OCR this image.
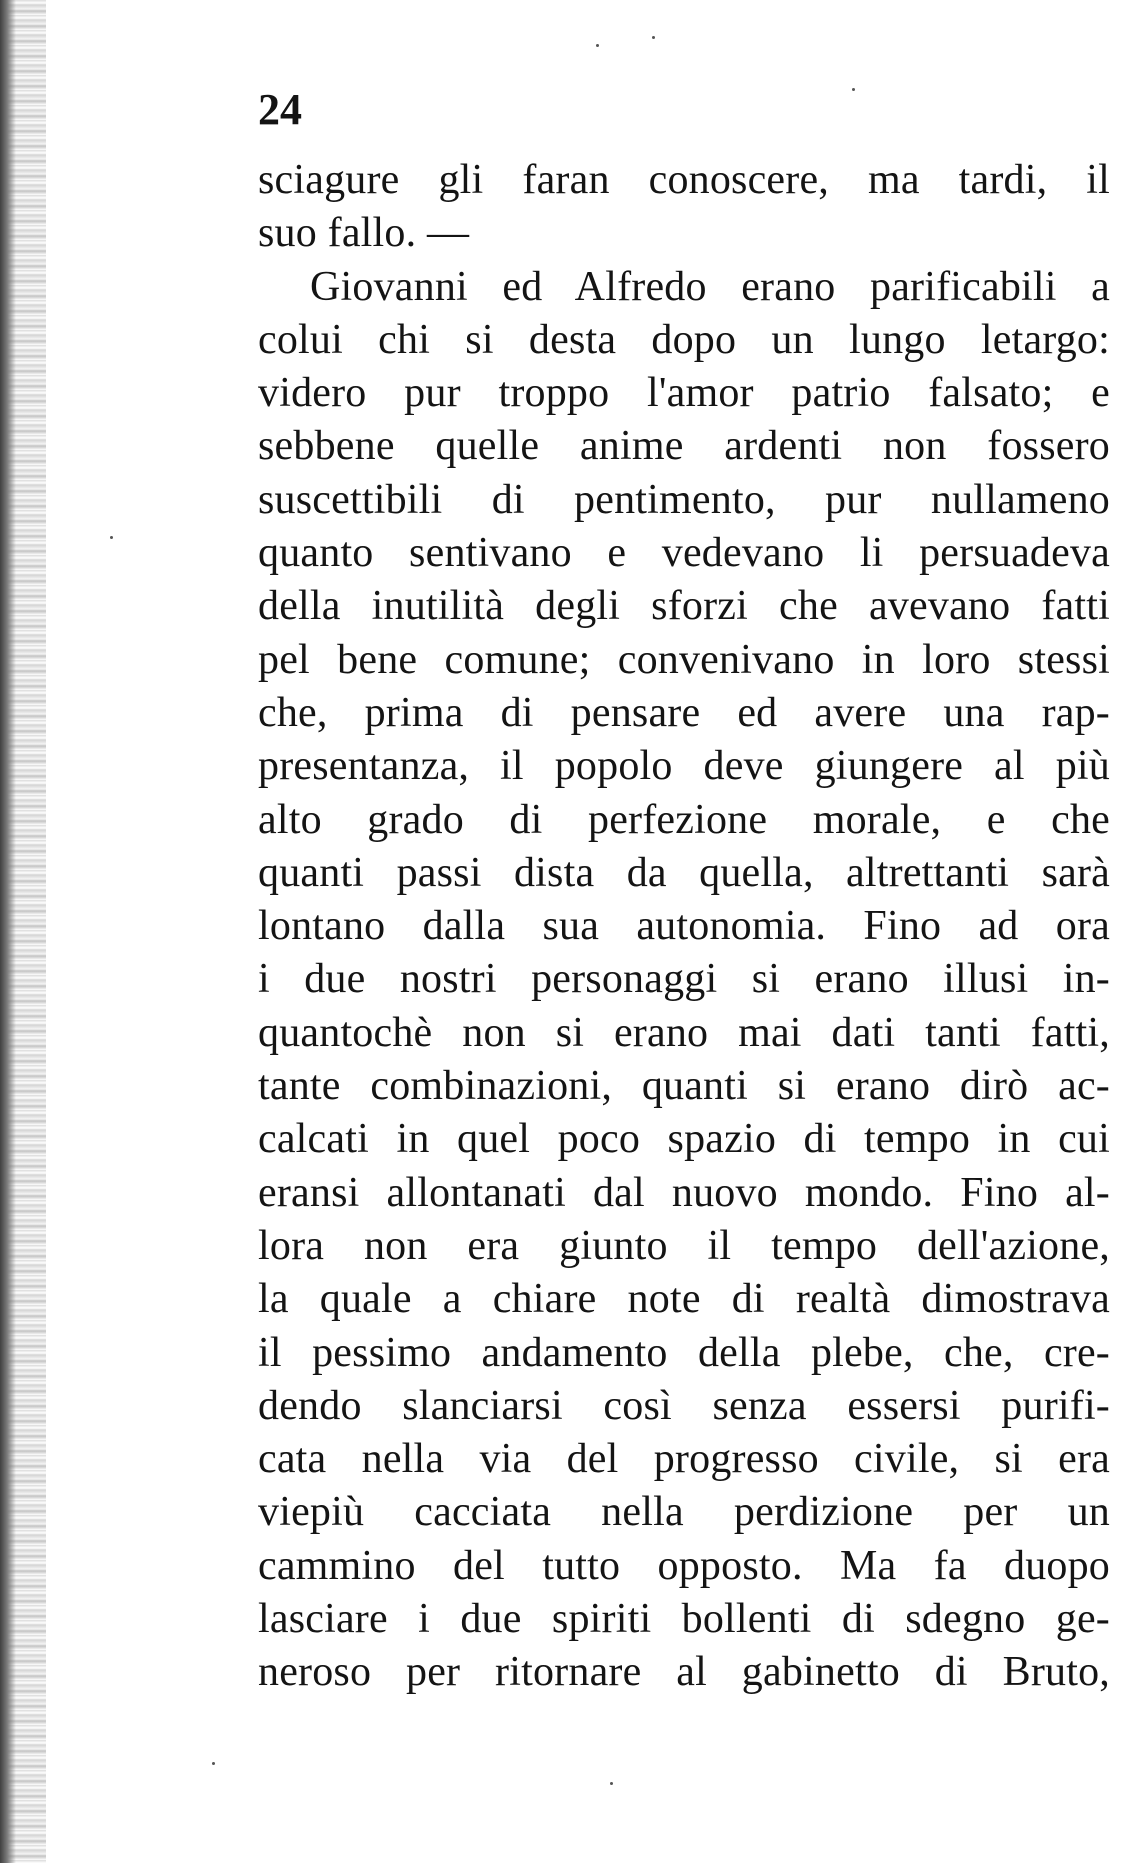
24
sciagure gli faran conoscere, ma tardi, il
suo fallo. —
Giovanni ed Alfredo erano parificabili a
colui chi si desta dopo un lungo letargo:
videro pur troppo l'amor patrio falsato; e
sebbene quelle anime ardenti non fossero
suscettibili di pentimento, pur nullameno
quanto sentivano e vedevano li persuadeva
della inutilità degli sforzi che avevano fatti
pel bene comune; convenivano in loro stessi
che, prima di pensare ed avere una rap-
presentanza, il popolo deve giungere al più
alto grado di perfezione morale, e che
quanti passi dista da quella, altrettanti sarà
lontano dalla sua autonomia. Fino ad ora
i due nostri personaggi si erano illusi in-
quantochè non si erano mai dati tanti fatti,
tante combinazioni, quanti si erano dirò ac-
calcati in quel poco spazio di tempo in cui
eransi allontanati dal nuovo mondo. Fino al-
lora non era giunto il tempo dell'azione,
la quale a chiare note di realtà dimostrava
il pessimo andamento della plebe, che, cre-
dendo slanciarsi così senza essersi purifi-
cata nella via del progresso civile, si era
viepiù cacciata nella perdizione per un
cammino del tutto opposto. Ma fa duopo
lasciare i due spiriti bollenti di sdegno ge-
neroso per ritornare al gabinetto di Bruto,
